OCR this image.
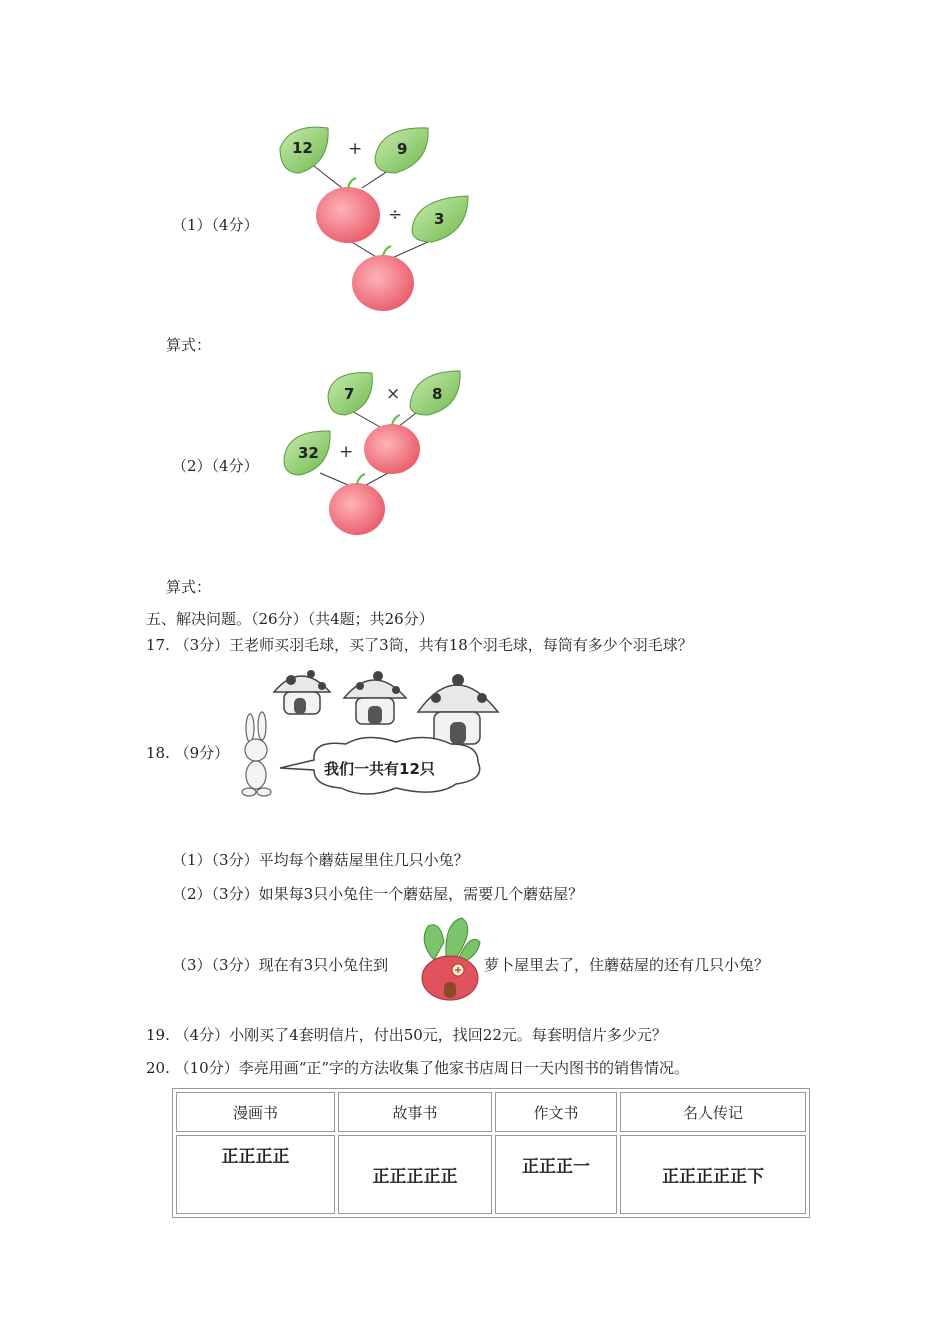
（1）（4分）
12 + 9
÷ 3
算式：
（2）（4分）
7 × 8
32 +
算式：
五、解决问题。（26分）（共4题；共26分）
17. （3分）王老师买羽毛球，买了3筒，共有18个羽毛球，每筒有多少个羽毛球？
18. （9分）
我们一共有12只
（1）（3分）平均每个蘑菇屋里住几只小兔？
（2）（3分）如果每3只小兔住一个蘑菇屋，需要几个蘑菇屋？
（3）（3分）现在有3只小兔住到	萝卜屋里去了，住蘑菇屋的还有几只小兔？
19. （4分）小刚买了4套明信片，付出50元，找回22元。每套明信片多少元？
20. （10分）李亮用画“正”字的方法收集了他家书店周日一天内图书的销售情况。
漫画书	故事书	作文书	名人传记
正正正正	正正正正正	正正正一	正正正正正下
